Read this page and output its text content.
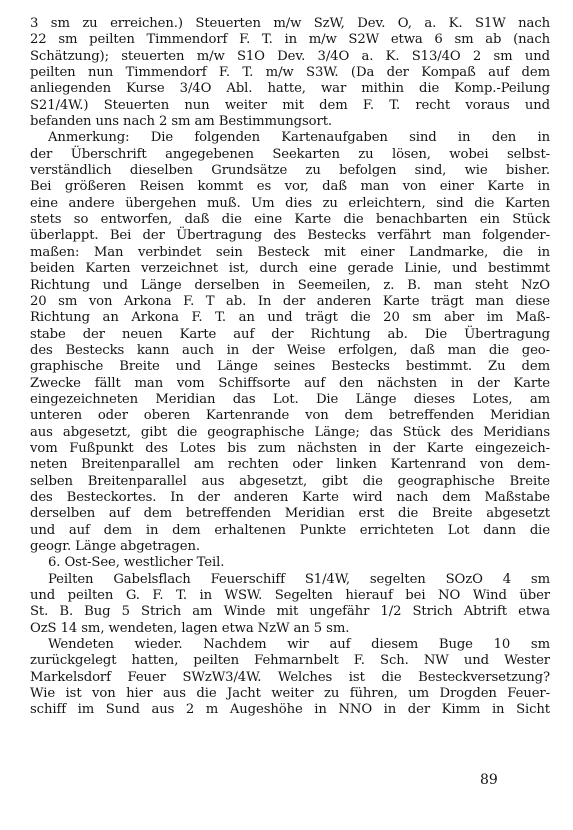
3 sm zu erreichen.) Steuerten m/w SzW, Dev. O, a. K. S1W nach
22 sm peilten Timmendorf F. T. in m/w S2W etwa 6 sm ab (nach
Schätzung); steuerten m/w S1O Dev. 3/4O a. K. S13/4O 2 sm und
peilten nun Timmendorf F. T. m/w S3W. (Da der Kompaß auf dem
anliegenden Kurse 3/4O Abl. hatte, war mithin die Komp.-Peilung
S21/4W.) Steuerten nun weiter mit dem F. T. recht voraus und
befanden uns nach 2 sm am Bestimmungsort.
Anmerkung: Die folgenden Kartenaufgaben sind in den in
der Überschrift angegebenen Seekarten zu lösen, wobei selbst-
verständlich dieselben Grundsätze zu befolgen sind, wie bisher.
Bei größeren Reisen kommt es vor, daß man von einer Karte in
eine andere übergehen muß. Um dies zu erleichtern, sind die Karten
stets so entworfen, daß die eine Karte die benachbarten ein Stück
überlappt. Bei der Übertragung des Bestecks verfährt man folgender-
maßen: Man verbindet sein Besteck mit einer Landmarke, die in
beiden Karten verzeichnet ist, durch eine gerade Linie, und bestimmt
Richtung und Länge derselben in Seemeilen, z. B. man steht NzO
20 sm von Arkona F. T ab. In der anderen Karte trägt man diese
Richtung an Arkona F. T. an und trägt die 20 sm aber im Maß-
stabe der neuen Karte auf der Richtung ab. Die Übertragung
des Bestecks kann auch in der Weise erfolgen, daß man die geo-
graphische Breite und Länge seines Bestecks bestimmt. Zu dem
Zwecke fällt man vom Schiffsorte auf den nächsten in der Karte
eingezeichneten Meridian das Lot. Die Länge dieses Lotes, am
unteren oder oberen Kartenrande von dem betreffenden Meridian
aus abgesetzt, gibt die geographische Länge; das Stück des Meridians
vom Fußpunkt des Lotes bis zum nächsten in der Karte eingezeich-
neten Breitenparallel am rechten oder linken Kartenrand von dem-
selben Breitenparallel aus abgesetzt, gibt die geographische Breite
des Besteckortes. In der anderen Karte wird nach dem Maßstabe
derselben auf dem betreffenden Meridian erst die Breite abgesetzt
und auf dem in dem erhaltenen Punkte errichteten Lot dann die
geogr. Länge abgetragen.
6. Ost-See, westlicher Teil.
Peilten Gabelsflach Feuerschiff S1/4W, segelten SOzO 4 sm
und peilten G. F. T. in WSW. Segelten hierauf bei NO Wind über
St. B. Bug 5 Strich am Winde mit ungefähr 1/2 Strich Abtrift etwa
OzS 14 sm, wendeten, lagen etwa NzW an 5 sm.
Wendeten wieder. Nachdem wir auf diesem Buge 10 sm
zurückgelegt hatten, peilten Fehmarnbelt F. Sch. NW und Wester
Markelsdorf Feuer SWzW3/4W. Welches ist die Besteckversetzung?
Wie ist von hier aus die Jacht weiter zu führen, um Drogden Feuer-
schiff im Sund aus 2 m Augeshöhe in NNO in der Kimm in Sicht
89
